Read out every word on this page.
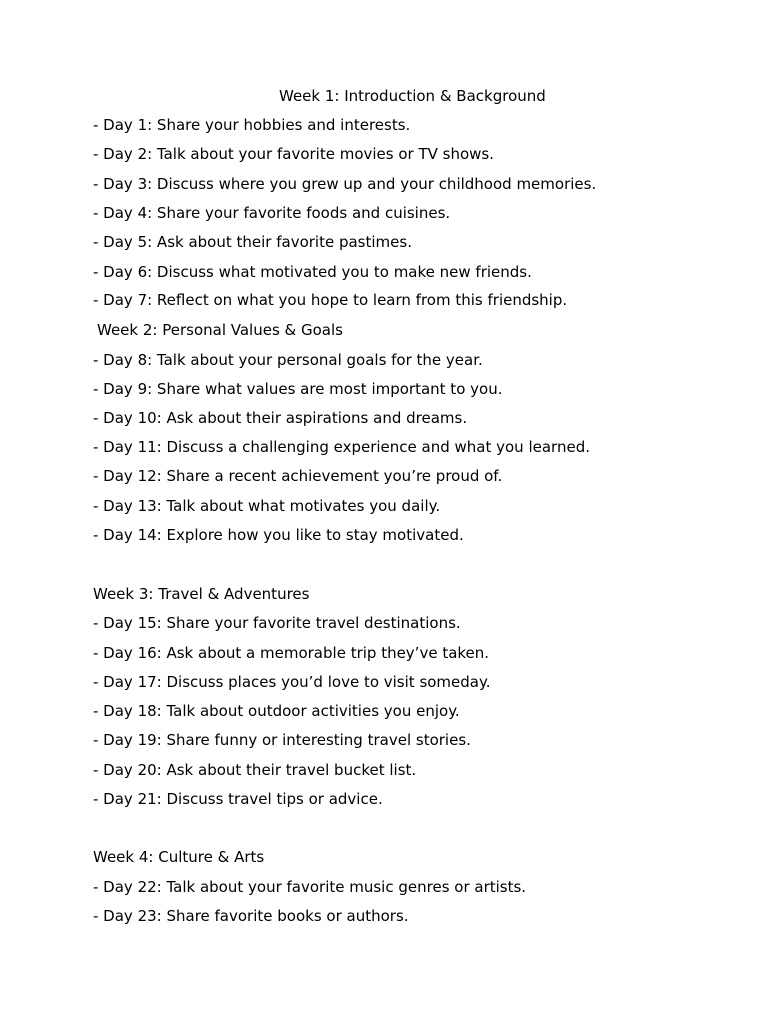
Week 1: Introduction & Background
- Day 1: Share your hobbies and interests.
- Day 2: Talk about your favorite movies or TV shows.
- Day 3: Discuss where you grew up and your childhood memories.
- Day 4: Share your favorite foods and cuisines.
- Day 5: Ask about their favorite pastimes.
- Day 6: Discuss what motivated you to make new friends.
- Day 7: Reflect on what you hope to learn from this friendship.
Week 2: Personal Values & Goals
- Day 8: Talk about your personal goals for the year.
- Day 9: Share what values are most important to you.
- Day 10: Ask about their aspirations and dreams.
- Day 11: Discuss a challenging experience and what you learned.
- Day 12: Share a recent achievement you’re proud of.
- Day 13: Talk about what motivates you daily.
- Day 14: Explore how you like to stay motivated.
Week 3: Travel & Adventures
- Day 15: Share your favorite travel destinations.
- Day 16: Ask about a memorable trip they’ve taken.
- Day 17: Discuss places you’d love to visit someday.
- Day 18: Talk about outdoor activities you enjoy.
- Day 19: Share funny or interesting travel stories.
- Day 20: Ask about their travel bucket list.
- Day 21: Discuss travel tips or advice.
Week 4: Culture & Arts
- Day 22: Talk about your favorite music genres or artists.
- Day 23: Share favorite books or authors.
